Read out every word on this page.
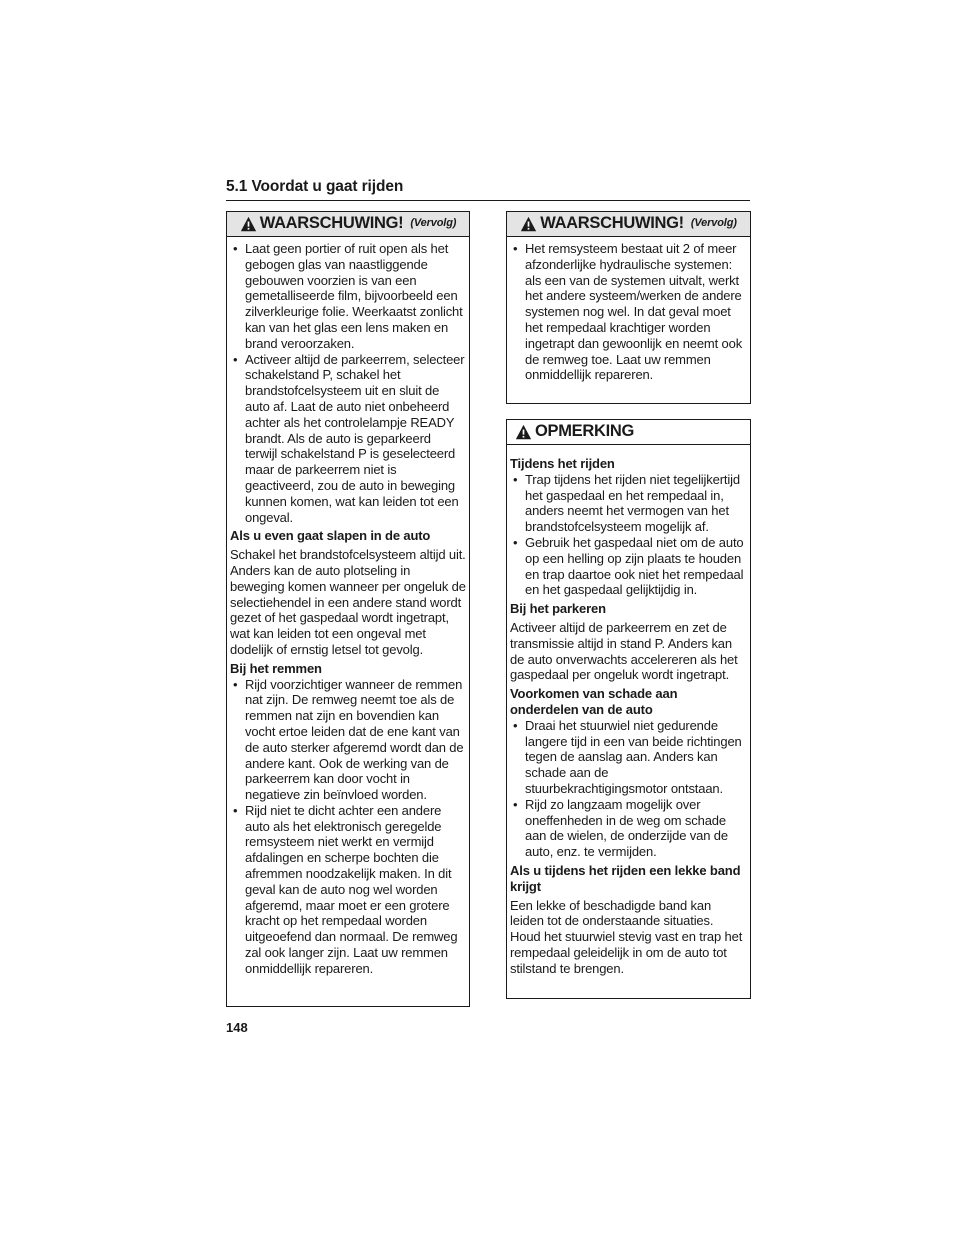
5.1 Voordat u gaat rijden
WAARSCHUWING! (Vervolg)
• Laat geen portier of ruit open als het gebogen glas van naastliggende gebouwen voorzien is van een gemetalliseerde film, bijvoorbeeld een zilverkleurige folie. Weerkaatst zonlicht kan van het glas een lens maken en brand veroorzaken.
• Activeer altijd de parkeerrem, selecteer schakelstand P, schakel het brandstofcelsysteem uit en sluit de auto af. Laat de auto niet onbeheerd achter als het controlelampje READY brandt. Als de auto is geparkeerd terwijl schakelstand P is geselecteerd maar de parkeerrem niet is geactiveerd, zou de auto in beweging kunnen komen, wat kan leiden tot een ongeval.
Als u even gaat slapen in de auto
Schakel het brandstofcelsysteem altijd uit. Anders kan de auto plotseling in beweging komen wanneer per ongeluk de selectiehendel in een andere stand wordt gezet of het gaspedaal wordt ingetrapt, wat kan leiden tot een ongeval met dodelijk of ernstig letsel tot gevolg.
Bij het remmen
• Rijd voorzichtiger wanneer de remmen nat zijn. De remweg neemt toe als de remmen nat zijn en bovendien kan vocht ertoe leiden dat de ene kant van de auto sterker afgeremd wordt dan de andere kant. Ook de werking van de parkeerrem kan door vocht in negatieve zin beïnvloed worden.
• Rijd niet te dicht achter een andere auto als het elektronisch geregelde remsysteem niet werkt en vermijd afdalingen en scherpe bochten die afremmen noodzakelijk maken. In dit geval kan de auto nog wel worden afgeremd, maar moet er een grotere kracht op het rempedaal worden uitgeoefend dan normaal. De remweg zal ook langer zijn. Laat uw remmen onmiddellijk repareren.
WAARSCHUWING! (Vervolg)
• Het remsysteem bestaat uit 2 of meer afzonderlijke hydraulische systemen: als een van de systemen uitvalt, werkt het andere systeem/werken de andere systemen nog wel. In dat geval moet het rempedaal krachtiger worden ingetrapt dan gewoonlijk en neemt ook de remweg toe. Laat uw remmen onmiddellijk repareren.
OPMERKING
Tijdens het rijden
• Trap tijdens het rijden niet tegelijkertijd het gaspedaal en het rempedaal in, anders neemt het vermogen van het brandstofcelsysteem mogelijk af.
• Gebruik het gaspedaal niet om de auto op een helling op zijn plaats te houden en trap daartoe ook niet het rempedaal en het gaspedaal gelijktijdig in.
Bij het parkeren
Activeer altijd de parkeerrem en zet de transmissie altijd in stand P. Anders kan de auto onverwachts accelereren als het gaspedaal per ongeluk wordt ingetrapt.
Voorkomen van schade aan onderdelen van de auto
• Draai het stuurwiel niet gedurende langere tijd in een van beide richtingen tegen de aanslag aan. Anders kan schade aan de stuurbekrachtigingsmotor ontstaan.
• Rijd zo langzaam mogelijk over oneffenheden in de weg om schade aan de wielen, de onderzijde van de auto, enz. te vermijden.
Als u tijdens het rijden een lekke band krijgt
Een lekke of beschadigde band kan leiden tot de onderstaande situaties. Houd het stuurwiel stevig vast en trap het rempedaal geleidelijk in om de auto tot stilstand te brengen.
148
